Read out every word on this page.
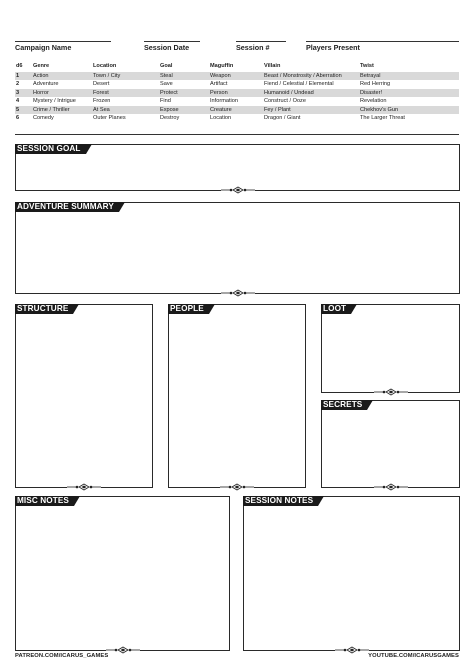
Campaign Name	Session Date	Session #	Players Present
d6	Genre	Location	Goal	Maguffin	Villain	Twist
1	Action	Town / City	Steal	Weapon	Beast / Monstrosity / Aberration	Betrayal
2	Adventure	Desert	Save	Artifact	Fiend / Celestial / Elemental	Red Herring
3	Horror	Forest	Protect	Person	Humanoid / Undead	Disaster!
4	Mystery / Intrigue	Frozen	Find	Information	Construct / Ooze	Revelation
5	Crime / Thriller	At Sea	Expose	Creature	Fey / Plant	Chekhov's Gun
6	Comedy	Outer Planes	Destroy	Location	Dragon / Giant	The Larger Threat
SESSION GOAL
ADVENTURE SUMMARY
STRUCTURE	PEOPLE	LOOT
SECRETS
MISC NOTES	SESSION NOTES
PATREON.COM/ICARUS_GAMES	YOUTUBE.COM/ICARUSGAMES
